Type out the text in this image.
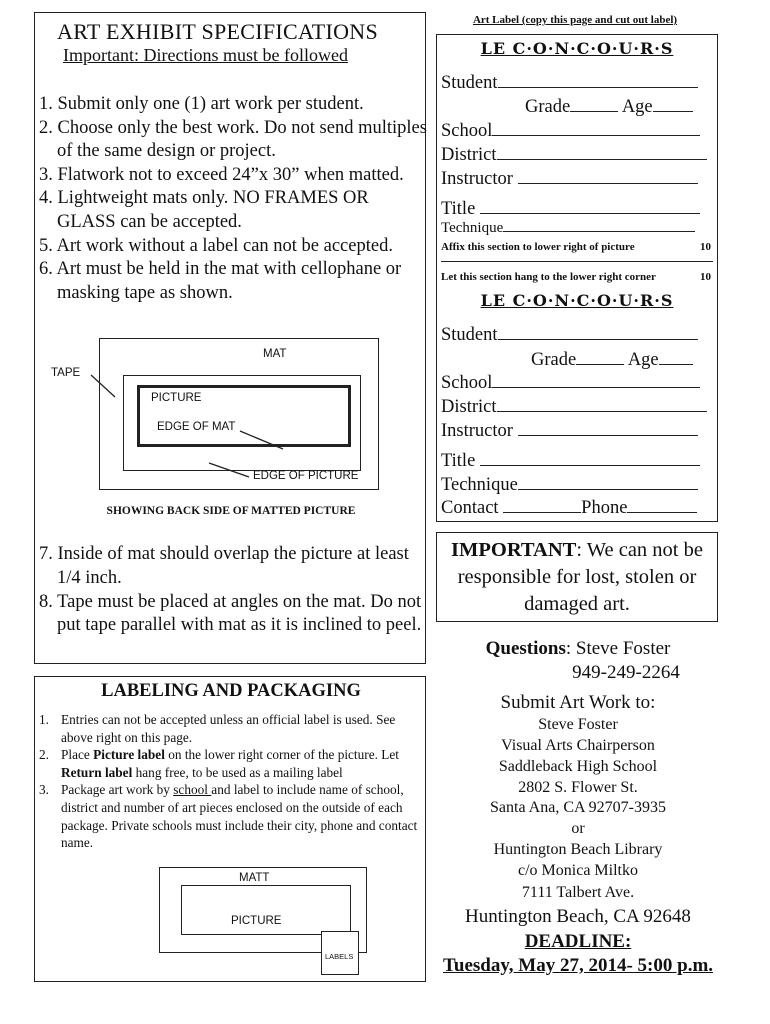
ART EXHIBIT SPECIFICATIONS
Important: Directions must be followed
1. Submit only one (1) art work per student.
2. Choose only the best work. Do not send multiples of the same design or project.
3. Flatwork not to exceed 24”x 30” when matted.
4. Lightweight mats only. NO FRAMES OR GLASS can be accepted.
5. Art work without a label can not be accepted.
6. Art must be held in the mat with cellophane or masking tape as shown.
MAT
TAPE
PICTURE
EDGE OF MAT
EDGE OF PICTURE
SHOWING BACK SIDE OF MATTED PICTURE
7. Inside of mat should overlap the picture at least 1/4 inch.
8. Tape must be placed at angles on the mat. Do not put tape parallel with mat as it is inclined to peel.
LABELING AND PACKAGING
1. Entries can not be accepted unless an official label is used. See above right on this page.
2. Place Picture label on the lower right corner of the picture. Let Return label hang free, to be used as a mailing label
3. Package art work by school and label to include name of school, district and number of art pieces enclosed on the outside of each package. Private schools must include their city, phone and contact name.
MATT
PICTURE
LABELS
Art Label (copy this page and cut out label)
LE C·O·N·C·O·U·R·S
Student
Grade	Age
School
District
Instructor
Title
Technique
Affix this section to lower right of picture	10
Let this section hang to the lower right corner	10
LE C·O·N·C·O·U·R·S
Student
Grade	Age
School
District
Instructor
Title
Technique
Contact	Phone
IMPORTANT: We can not be responsible for lost, stolen or damaged art.
Questions: Steve Foster
949-249-2264
Submit Art Work to:
Steve Foster
Visual Arts Chairperson
Saddleback High School
2802 S. Flower St.
Santa Ana, CA 92707-3935
or
Huntington Beach Library
c/o Monica Miltko
7111 Talbert Ave.
Huntington Beach, CA 92648
DEADLINE:
Tuesday, May 27, 2014- 5:00 p.m.
